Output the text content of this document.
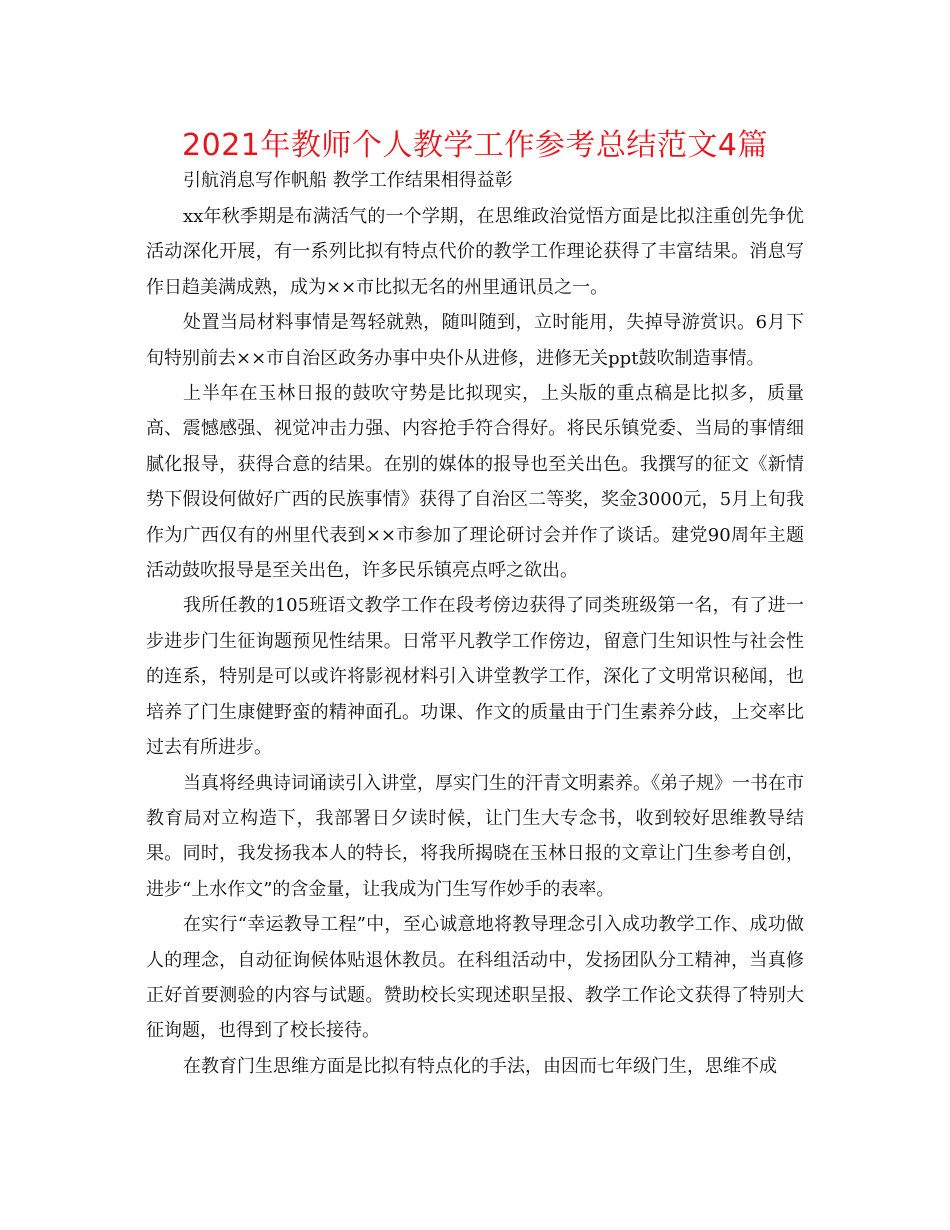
2021年教师个人教学工作参考总结范文4篇
引航消息写作帆船 教学工作结果相得益彰

xx年秋季期是布满活气的一个学期，在思维政治觉悟方面是比拟注重创先争优活动深化开展，有一系列比拟有特点代价的教学工作理论获得了丰富结果。消息写作日趋美满成熟，成为××市比拟无名的州里通讯员之一。

处置当局材料事情是驾轻就熟，随叫随到，立时能用，失掉导游赏识。6月下旬特别前去××市自治区政务办事中央仆从进修，进修无关ppt鼓吹制造事情。

上半年在玉林日报的鼓吹守势是比拟现实，上头版的重点稿是比拟多，质量高、震憾感强、视觉冲击力强、内容抢手符合得好。将民乐镇党委、当局的事情细腻化报导，获得合意的结果。在别的媒体的报导也至关出色。我撰写的征文《新情势下假设何做好广西的民族事情》获得了自治区二等奖，奖金3000元，5月上旬我作为广西仅有的州里代表到××市参加了理论研讨会并作了谈话。建党90周年主题活动鼓吹报导是至关出色，许多民乐镇亮点呼之欲出。

我所任教的105班语文教学工作在段考傍边获得了同类班级第一名，有了进一步进步门生征询题预见性结果。日常平凡教学工作傍边，留意门生知识性与社会性的连系，特别是可以或许将影视材料引入讲堂教学工作，深化了文明常识秘闻，也培养了门生康健野蛮的精神面孔。功课、作文的质量由于门生素养分歧，上交率比过去有所进步。

当真将经典诗词诵读引入讲堂，厚实门生的汗青文明素养。《弟子规》一书在市教育局对立构造下，我部署日夕读时候，让门生大专念书，收到较好思维教导结果。同时，我发扬我本人的特长，将我所揭晓在玉林日报的文章让门生参考自创，进步“上水作文”的含金量，让我成为门生写作妙手的表率。

在实行“幸运教导工程”中，至心诚意地将教导理念引入成功教学工作、成功做人的理念，自动征询候体贴退休教员。在科组活动中，发扬团队分工精神，当真修正好首要测验的内容与试题。赞助校长实现述职呈报、教学工作论文获得了特别大征询题，也得到了校长接待。

在教育门生思维方面是比拟有特点化的手法，由因而七年级门生，思维不成
